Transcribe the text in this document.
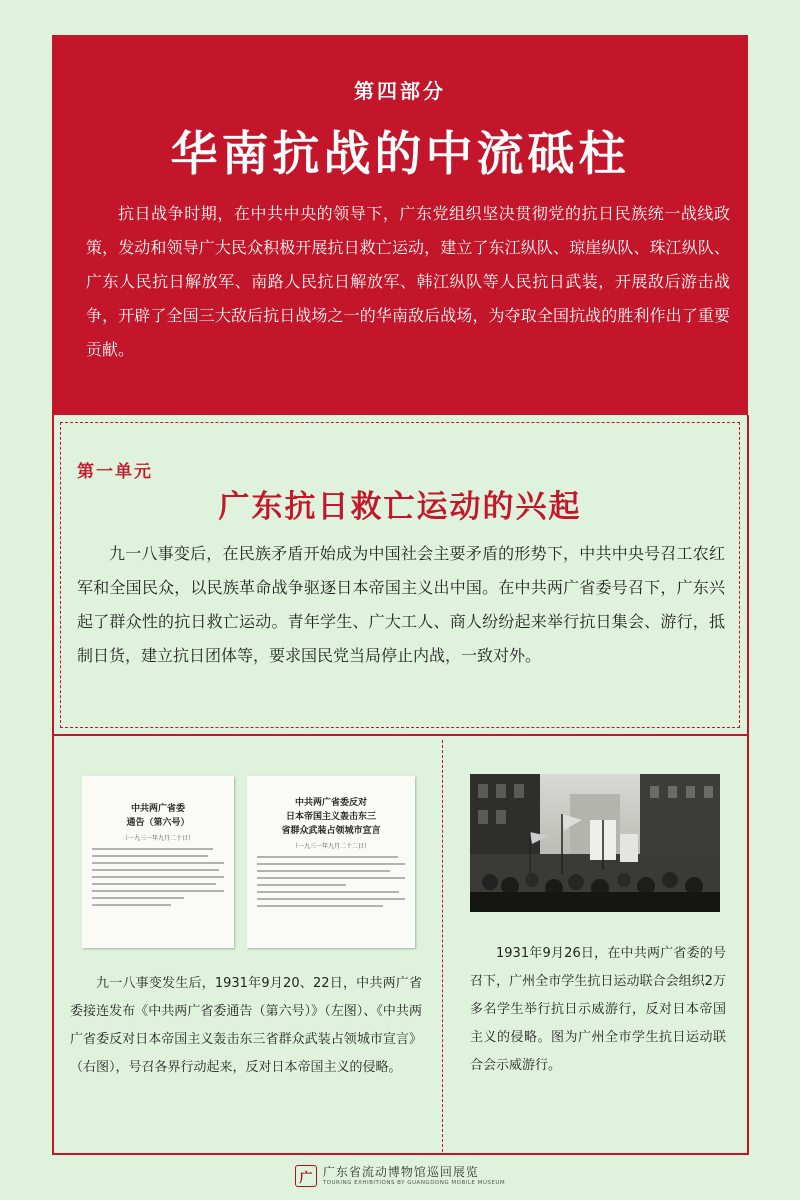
第四部分
华南抗战的中流砥柱
抗日战争时期，在中共中央的领导下，广东党组织坚决贯彻党的抗日民族统一战线政策，发动和领导广大民众积极开展抗日救亡运动，建立了东江纵队、琼崖纵队、珠江纵队、广东人民抗日解放军、南路人民抗日解放军、韩江纵队等人民抗日武装，开展敌后游击战争，开辟了全国三大敌后抗日战场之一的华南敌后战场，为夺取全国抗战的胜利作出了重要贡献。
第一单元
广东抗日救亡运动的兴起
九一八事变后，在民族矛盾开始成为中国社会主要矛盾的形势下，中共中央号召工农红军和全国民众，以民族革命战争驱逐日本帝国主义出中国。在中共两广省委号召下，广东兴起了群众性的抗日救亡运动。青年学生、广大工人、商人纷纷起来举行抗日集会、游行，抵制日货，建立抗日团体等，要求国民党当局停止内战，一致对外。
中共两广省委
通告（第六号）
（一九三一年九月二十日）
中共两广省委反对
日本帝国主义轰击东三
省群众武装占领城市宣言
（一九三一年九月二十二日）
九一八事变发生后，1931年9月20、22日，中共两广省委接连发布《中共两广省委通告（第六号）》（左图）、《中共两广省委反对日本帝国主义轰击东三省群众武装占领城市宣言》（右图），号召各界行动起来，反对日本帝国主义的侵略。
1931年9月26日，在中共两广省委的号召下，广州全市学生抗日运动联合会组织2万多名学生举行抗日示威游行，反对日本帝国主义的侵略。图为广州全市学生抗日运动联合会示威游行。
广 广东省流动博物馆巡回展览
TOURING EXHIBITIONS BY GUANGDONG MOBILE MUSEUM
